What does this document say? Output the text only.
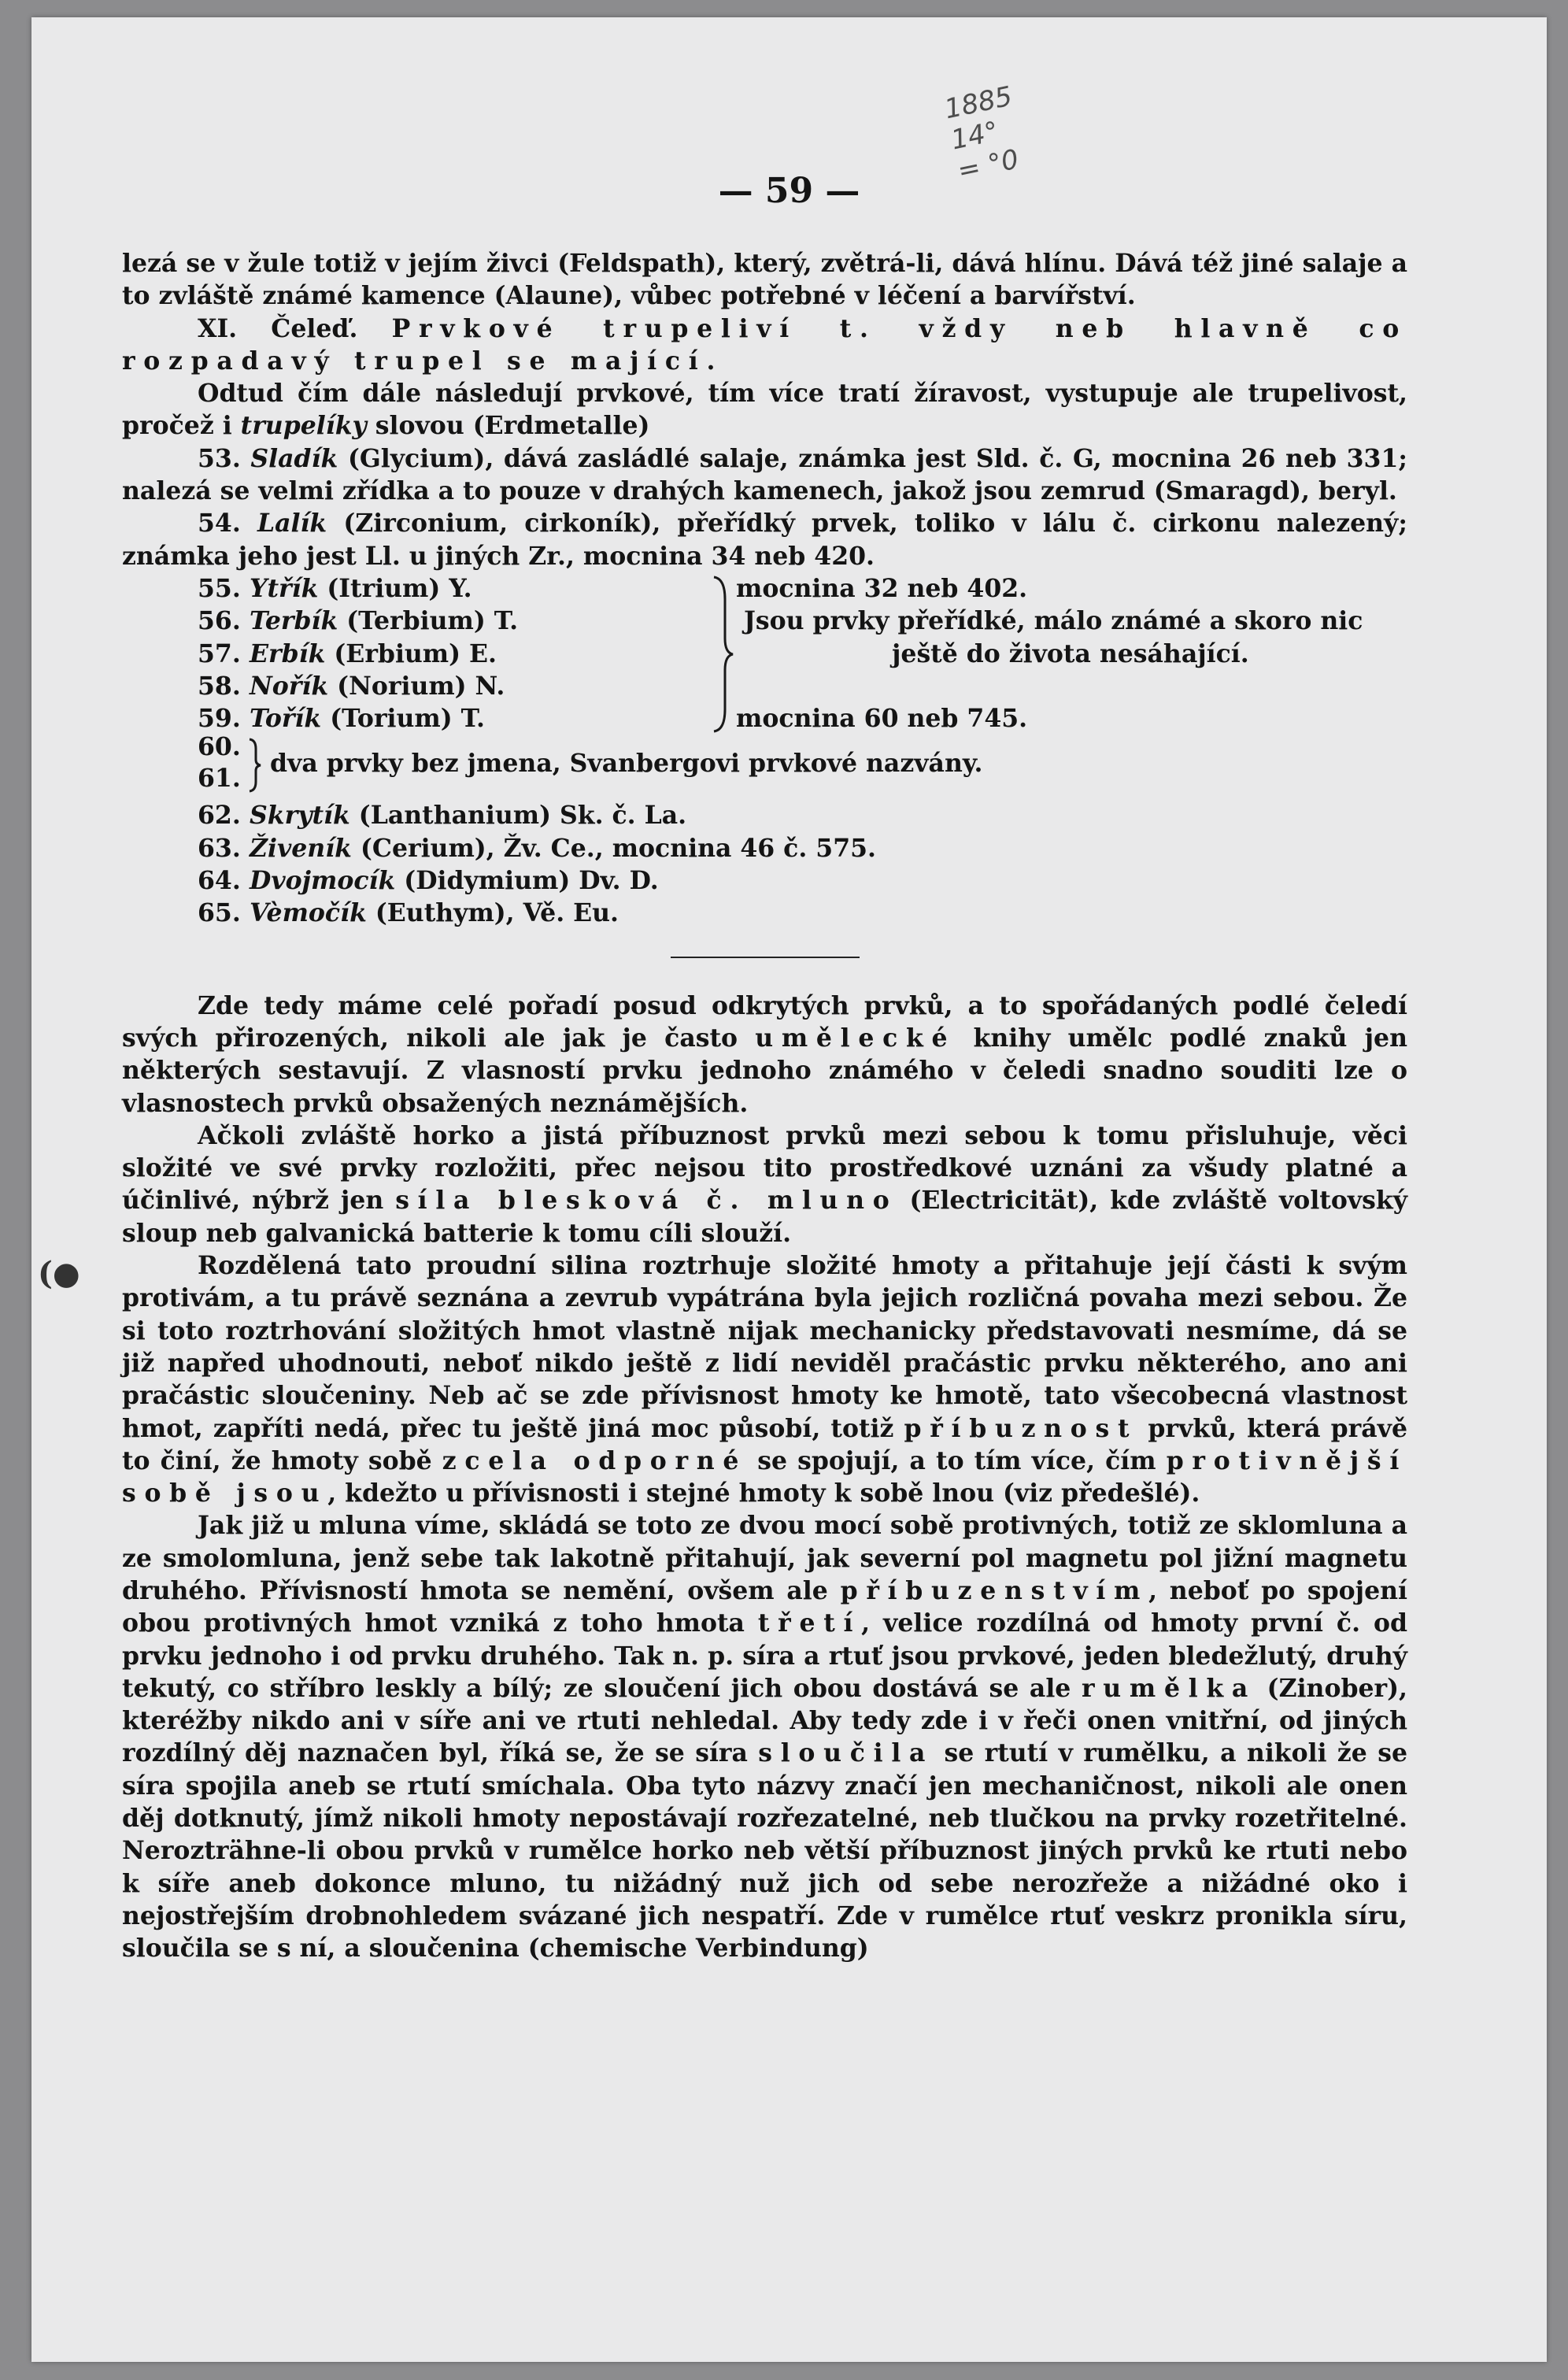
1885
14°
= °0
— 59 —
(●

lezá se v žule totiž v jejím živci (Feldspath), který, zvětrá-li, dává hlínu. Dává též jiné salaje a to zvláště známé kamence (Alaune), vůbec potřebné v léčení a barvířství.

XI. Čeleď. Prvkové trupeliví t. vždy neb hlavně co rozpadavý trupel se mající.

Odtud čím dále následují prvkové, tím více tratí žíravost, vystupuje ale trupelivost, pročež i trupelíky slovou (Erdmetalle)

53. Sladík (Glycium), dává zasládlé salaje, známka jest Sld. č. G, mocnina 26 neb 331; nalezá se velmi zřídka a to pouze v drahých kamenech, jakož jsou zemrud (Smaragd), beryl.

54. Lalík (Zirconium, cirkoník), přeřídký prvek, toliko v lálu č. cirkonu nalezený; známka jeho jest Ll. u jiných Zr., mocnina 34 neb 420.

55. Ytřík (Itrium) Y.	mocnina 32 neb 402.
56. Terbík (Terbium) T.	Jsou prvky přeřídké, málo známé a skoro nic
57. Erbík (Erbium) E.	ještě do života nesáhající.
58. Nořík (Norium) N.
59. Tořík (Torium) T.	mocnina 60 neb 745.
60.
61.
dva prvky bez jmena, Svanbergovi prvkové nazvány.
62. Skrytík (Lanthanium) Sk. č. La.
63. Živeník (Cerium), Žv. Ce., mocnina 46 č. 575.
64. Dvojmocík (Didymium) Dv. D.
65. Vèmočík (Euthym), Vě. Eu.

Zde tedy máme celé pořadí posud odkrytých prvků, a to spořádaných podlé čeledí svých přirozených, nikoli ale jak je často umělecké knihy umělc podlé znaků jen některých sestavují. Z vlasností prvku jednoho známého v čeledi snadno souditi lze o vlasnostech prvků obsažených neznámějších.

Ačkoli zvláště horko a jistá příbuznost prvků mezi sebou k tomu přisluhuje, věci složité ve své prvky rozložiti, přec nejsou tito prostředkové uznáni za všudy platné a účinlivé, nýbrž jen síla blesková č. mluno (Electricität), kde zvláště voltovský sloup neb galvanická batterie k tomu cíli slouží.

Rozdělená tato proudní silina roztrhuje složité hmoty a přitahuje její části k svým protivám, a tu právě seznána a zevrub vypátrána byla jejich rozličná povaha mezi sebou. Že si toto roztrhování složitých hmot vlastně nijak mechanicky představovati nesmíme, dá se již napřed uhodnouti, neboť nikdo ještě z lidí neviděl pračástic prvku některého, ano ani pračástic sloučeniny. Neb ač se zde přívisnost hmoty ke hmotě, tato všecobecná vlastnost hmot, zapříti nedá, přec tu ještě jiná moc působí, totiž příbuznost prvků, která právě to činí, že hmoty sobě zcela odporné se spojují, a to tím více, čím protivnější sobě jsou, kdežto u přívisnosti i stejné hmoty k sobě lnou (viz předešlé).

Jak již u mluna víme, skládá se toto ze dvou mocí sobě protivných, totiž ze sklomluna a ze smolomluna, jenž sebe tak lakotně přitahují, jak severní pol magnetu pol jižní magnetu druhého. Přívisností hmota se nemění, ovšem ale příbuzenstvím, neboť po spojení obou protivných hmot vzniká z toho hmota třetí, velice rozdílná od hmoty první č. od prvku jednoho i od prvku druhého. Tak n. p. síra a rtuť jsou prvkové, jeden bledežlutý, druhý tekutý, co stříbro leskly a bílý; ze sloučení jich obou dostává se ale rumělka (Zinober), kteréžby nikdo ani v síře ani ve rtuti nehledal. Aby tedy zde i v řeči onen vnitřní, od jiných rozdílný děj naznačen byl, říká se, že se síra sloučila se rtutí v rumělku, a nikoli že se síra spojila aneb se rtutí smíchala. Oba tyto názvy značí jen mechaničnost, nikoli ale onen děj dotknutý, jímž nikoli hmoty nepostávají rozřezatelné, neb tlučkou na prvky rozetřitelné. Nerozträhne-li obou prvků v rumělce horko neb větší příbuznost jiných prvků ke rtuti nebo k síře aneb dokonce mluno, tu nižádný nuž jich od sebe nerozřeže a nižádné oko i nejostřejším drobnohledem svázané jich nespatří. Zde v rumělce rtuť veskrz pronikla síru, sloučila se s ní, a sloučenina (chemische Verbindung)
